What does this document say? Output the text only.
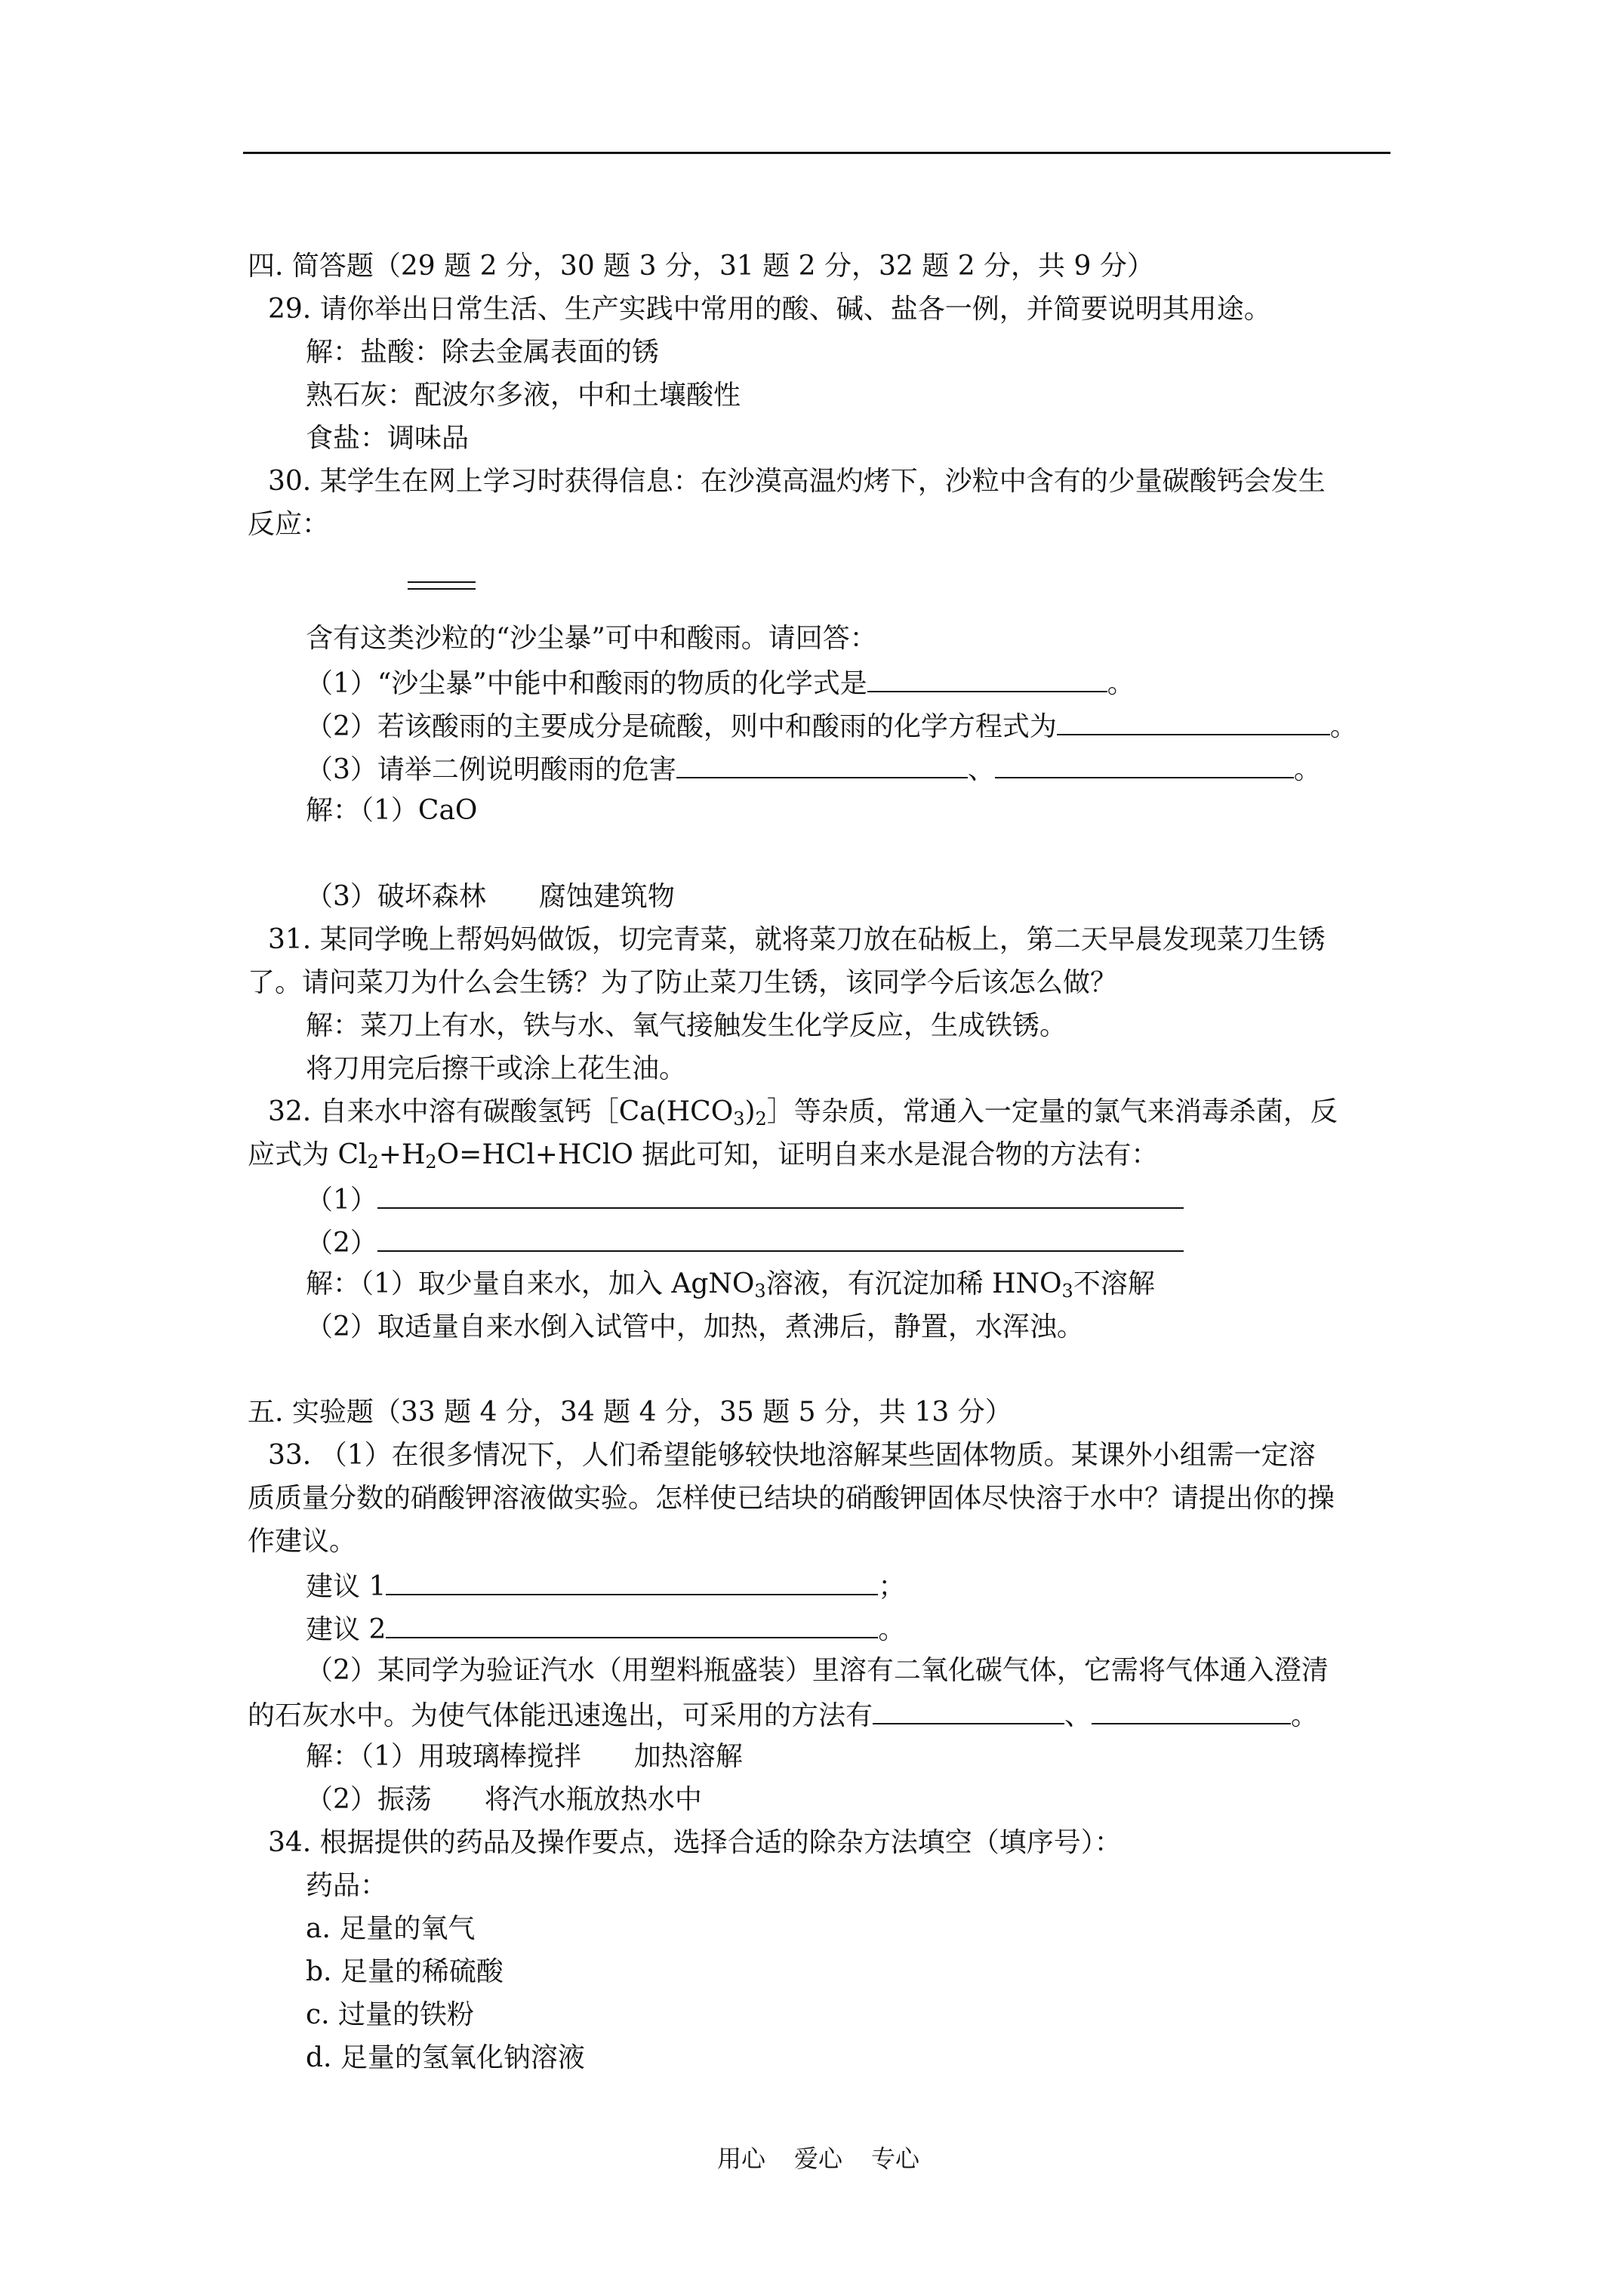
四. 简答题（29 题 2 分，30 题 3 分，31 题 2 分，32 题 2 分，共 9 分）
29. 请你举出日常生活、生产实践中常用的酸、碱、盐各一例，并简要说明其用途。
解：盐酸：除去金属表面的锈
熟石灰：配波尔多液，中和土壤酸性
食盐：调味品
30. 某学生在网上学习时获得信息：在沙漠高温灼烤下，沙粒中含有的少量碳酸钙会发生
反应：
含有这类沙粒的“沙尘暴”可中和酸雨。请回答：
（1）“沙尘暴”中能中和酸雨的物质的化学式是	。
（2）若该酸雨的主要成分是硫酸，则中和酸雨的化学方程式为	。
（3）请举二例说明酸雨的危害	、	。
解：（1）CaO
（3）破坏森林 腐蚀建筑物
31. 某同学晚上帮妈妈做饭，切完青菜，就将菜刀放在砧板上，第二天早晨发现菜刀生锈
了。请问菜刀为什么会生锈？为了防止菜刀生锈，该同学今后该怎么做？
解：菜刀上有水，铁与水、氧气接触发生化学反应，生成铁锈。
将刀用完后擦干或涂上花生油。
32. 自来水中溶有碳酸氢钙$[Ca(HCO_3)_2]$等杂质，常通入一定量的氯气来消毒杀菌，反
应式为 $Cl_2+H_2O=HCl+HClO$ 据此可知，证明自来水是混合物的方法有：
（1）
（2）
解：（1）取少量自来水，加入 AgNO$_3$溶液，有沉淀加稀 $HNO_3$不溶解
（2）取适量自来水倒入试管中，加热，煮沸后，静置，水浑浊。
五. 实验题（33 题 4 分，34 题 4 分，35 题 5 分，共 13 分）
33. （1）在很多情况下，人们希望能够较快地溶解某些固体物质。某课外小组需一定溶
质质量分数的硝酸钾溶液做实验。怎样使已结块的硝酸钾固体尽快溶于水中？请提出你的操
作建议。
建议 1	；
建议 2	。
（2）某同学为验证汽水（用塑料瓶盛装）里溶有二氧化碳气体，它需将气体通入澄清
的石灰水中。为使气体能迅速逸出，可采用的方法有	、	。
解：（1）用玻璃棒搅拌 加热溶解
（2）振荡 将汽水瓶放热水中
34. 根据提供的药品及操作要点，选择合适的除杂方法填空（填序号）：
药品：
a. 足量的氧气
b. 足量的稀硫酸
c. 过量的铁粉
d. 足量的氢氧化钠溶液
用心 爱心 专心
